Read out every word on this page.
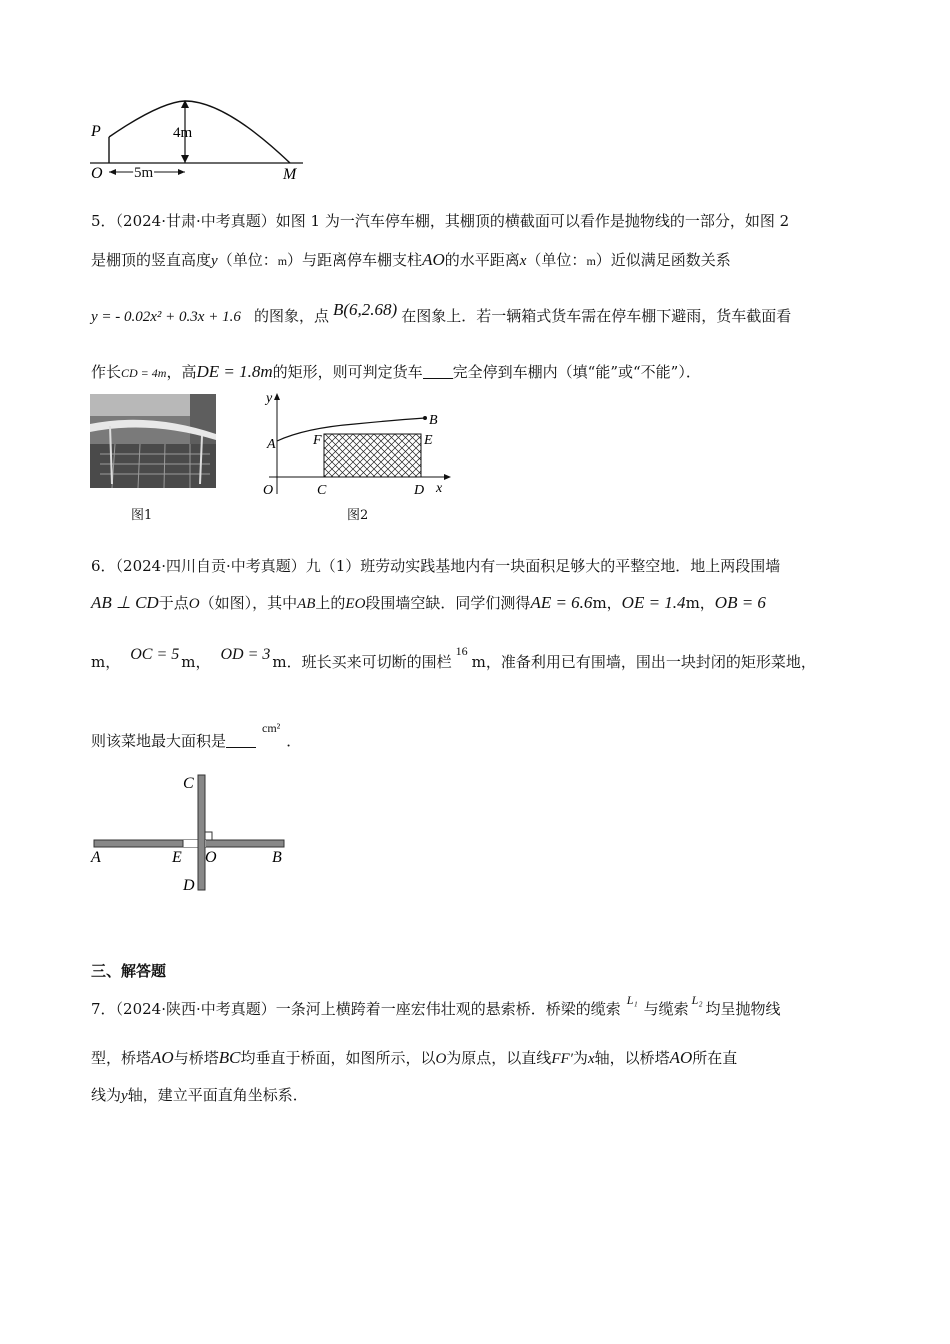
P
O	M
4m
5m
5．（2024·甘肃·中考真题）如图 1 为一汽车停车棚，其棚顶的横截面可以看作是抛物线的一部分，如图 2
是棚顶的竖直高度y（单位：m）与距离停车棚支柱AO的水平距离x（单位：m）近似满足函数关系
y = - 0.02x² + 0.3x + 1.6 的图象，点 B(6,2.68) 在图象上．若一辆箱式货车需在停车棚下避雨，货车截面看
作长CD = 4m，高DE = 1.8m的矩形，则可判定货车 完全停到车棚内（填“能”或“不能”）．
图1
y
x
O
A
B
C	D
E
F
图2
6．（2024·四川自贡·中考真题）九（1）班劳动实践基地内有一块面积足够大的平整空地．地上两段围墙
AB ⊥ CD于点O（如图），其中AB上的EO段围墙空缺．同学们测得AE = 6.6m，OE = 1.4m，OB = 6
m， OC = 5 m， OD = 3 m．班长买来可切断的围栏$^{16}$m，准备利用已有围墙，围出一块封闭的矩形菜地，
则该菜地最大面积是$^{cm^2}$．
C
A	E O	B
D
三、解答题
7．（2024·陕西·中考真题）一条河上横跨着一座宏伟壮观的悬索桥．桥梁的缆索 $^{L_1}$ 与缆索 $^{L_2}$ 均呈抛物线
型，桥塔AO与桥塔BC均垂直于桥面，如图所示，以O为原点，以直线FF′为x轴，以桥塔AO所在直
线为y轴，建立平面直角坐标系．
